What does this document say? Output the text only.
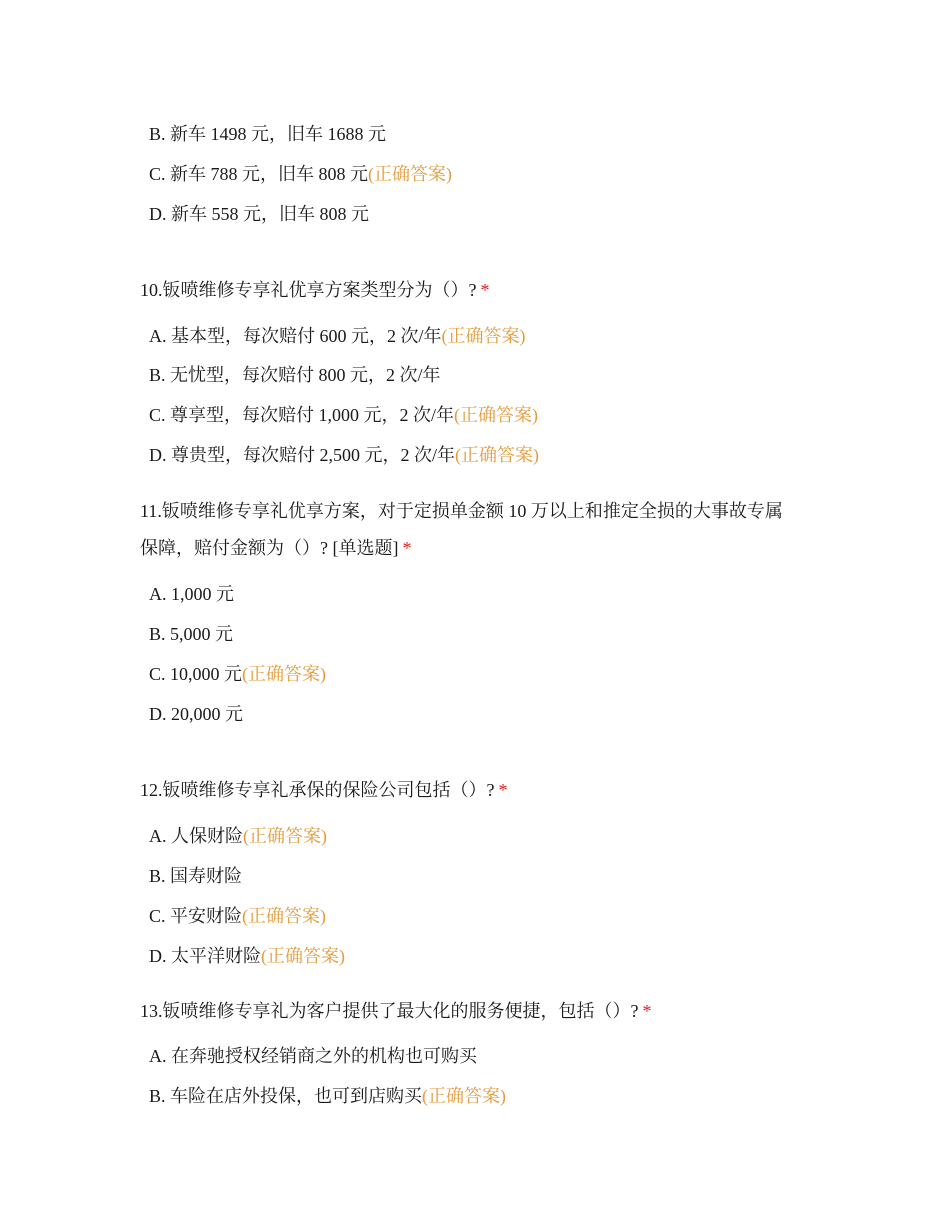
B. 新车 1498 元，旧车 1688 元
C. 新车 788 元，旧车 808 元(正确答案)
D. 新车 558 元，旧车 808 元
10.钣喷维修专享礼优享方案类型分为（）? *
A. 基本型，每次赔付 600 元，2 次/年(正确答案)
B. 无忧型，每次赔付 800 元，2 次/年
C. 尊享型，每次赔付 1,000 元，2 次/年(正确答案)
D. 尊贵型，每次赔付 2,500 元，2 次/年(正确答案)
11.钣喷维修专享礼优享方案，对于定损单金额 10 万以上和推定全损的大事故专属
保障，赔付金额为（）? [单选题] *
A. 1,000 元
B. 5,000 元
C. 10,000 元(正确答案)
D. 20,000 元
12.钣喷维修专享礼承保的保险公司包括（）? *
A. 人保财险(正确答案)
B. 国寿财险
C. 平安财险(正确答案)
D. 太平洋财险(正确答案)
13.钣喷维修专享礼为客户提供了最大化的服务便捷，包括（）? *
A. 在奔驰授权经销商之外的机构也可购买
B. 车险在店外投保，也可到店购买(正确答案)
